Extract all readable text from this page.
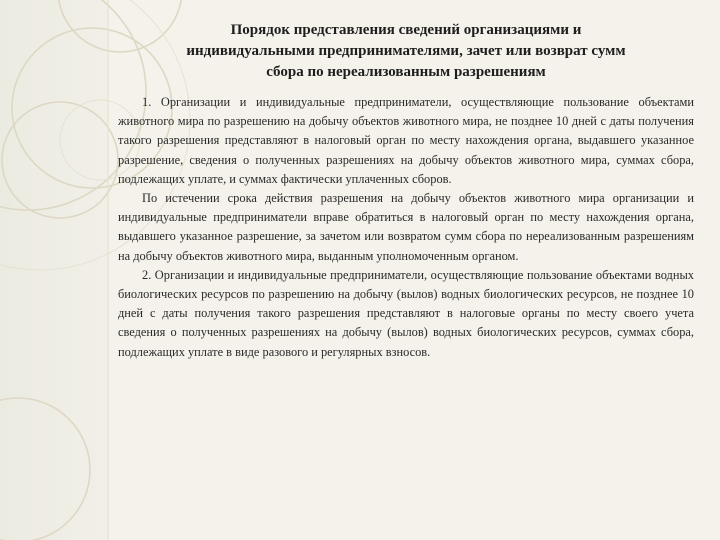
Порядок представления сведений организациями и
индивидуальными предпринимателями, зачет или возврат сумм
сбора по нереализованным разрешениям

1. Организации и индивидуальные предприниматели, осуществляющие пользование объектами животного мира по разрешению на добычу объектов животного мира, не позднее 10 дней с даты получения такого разрешения представляют в налоговый орган по месту нахождения органа, выдавшего указанное разрешение, сведения о полученных разрешениях на добычу объектов животного мира, суммах сбора, подлежащих уплате, и суммах фактически уплаченных сборов.

По истечении срока действия разрешения на добычу объектов животного мира организации и индивидуальные предприниматели вправе обратиться в налоговый орган по месту нахождения органа, выдавшего указанное разрешение, за зачетом или возвратом сумм сбора по нереализованным разрешениям на добычу объектов животного мира, выданным уполномоченным органом.

2. Организации и индивидуальные предприниматели, осуществляющие пользование объектами водных биологических ресурсов по разрешению на добычу (вылов) водных биологических ресурсов, не позднее 10 дней с даты получения такого разрешения представляют в налоговые органы по месту своего учета сведения о полученных разрешениях на добычу (вылов) водных биологических ресурсов, суммах сбора, подлежащих уплате в виде разового и регулярных взносов.
